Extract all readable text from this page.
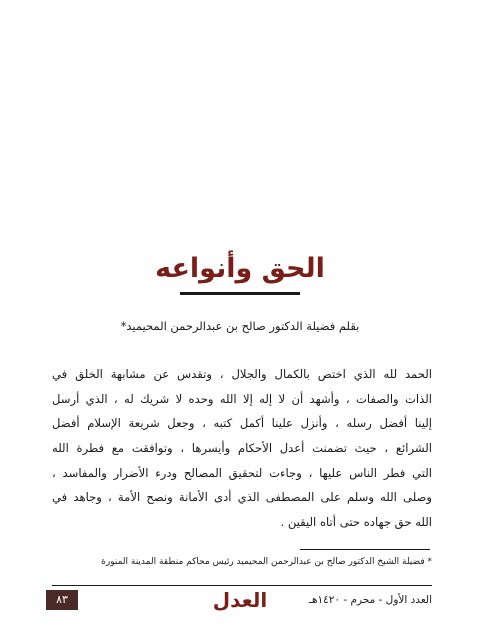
الحق وأنواعه
بقلم فضيلة الدكتور صالح بن عبدالرحمن المحيميد*
الحمد لله الذي اختص بالكمال والجلال ، وتقدس عن مشابهة الخلق في
الذات والصفات ، وأشهد أن لا إله إلا الله وحده لا شريك له ، الذي أرسل
إلينا أفضل رسله ، وأنزل علينا أكمل كتبه ، وجعل شريعة الإسلام أفضل
الشرائع ، حيث تضمنت أعدل الأحكام وأيسرها ، وتوافقت مع فطرة الله
التي فطر الناس عليها ، وجاءت لتحقيق المصالح ودرء الأضرار والمفاسد ،
وصلى الله وسلم على المصطفى الذي أدى الأمانة ونصح الأمة ، وجاهد في
الله حق جهاده حتى أتاه اليقين .
* فضيلة الشيخ الدكتور صالح بن عبدالرحمن المحيميد رئيس محاكم منطقة المدينة المنورة
٨٣	العدل	العدد الأول - محرم - ١٤٢٠هـ
